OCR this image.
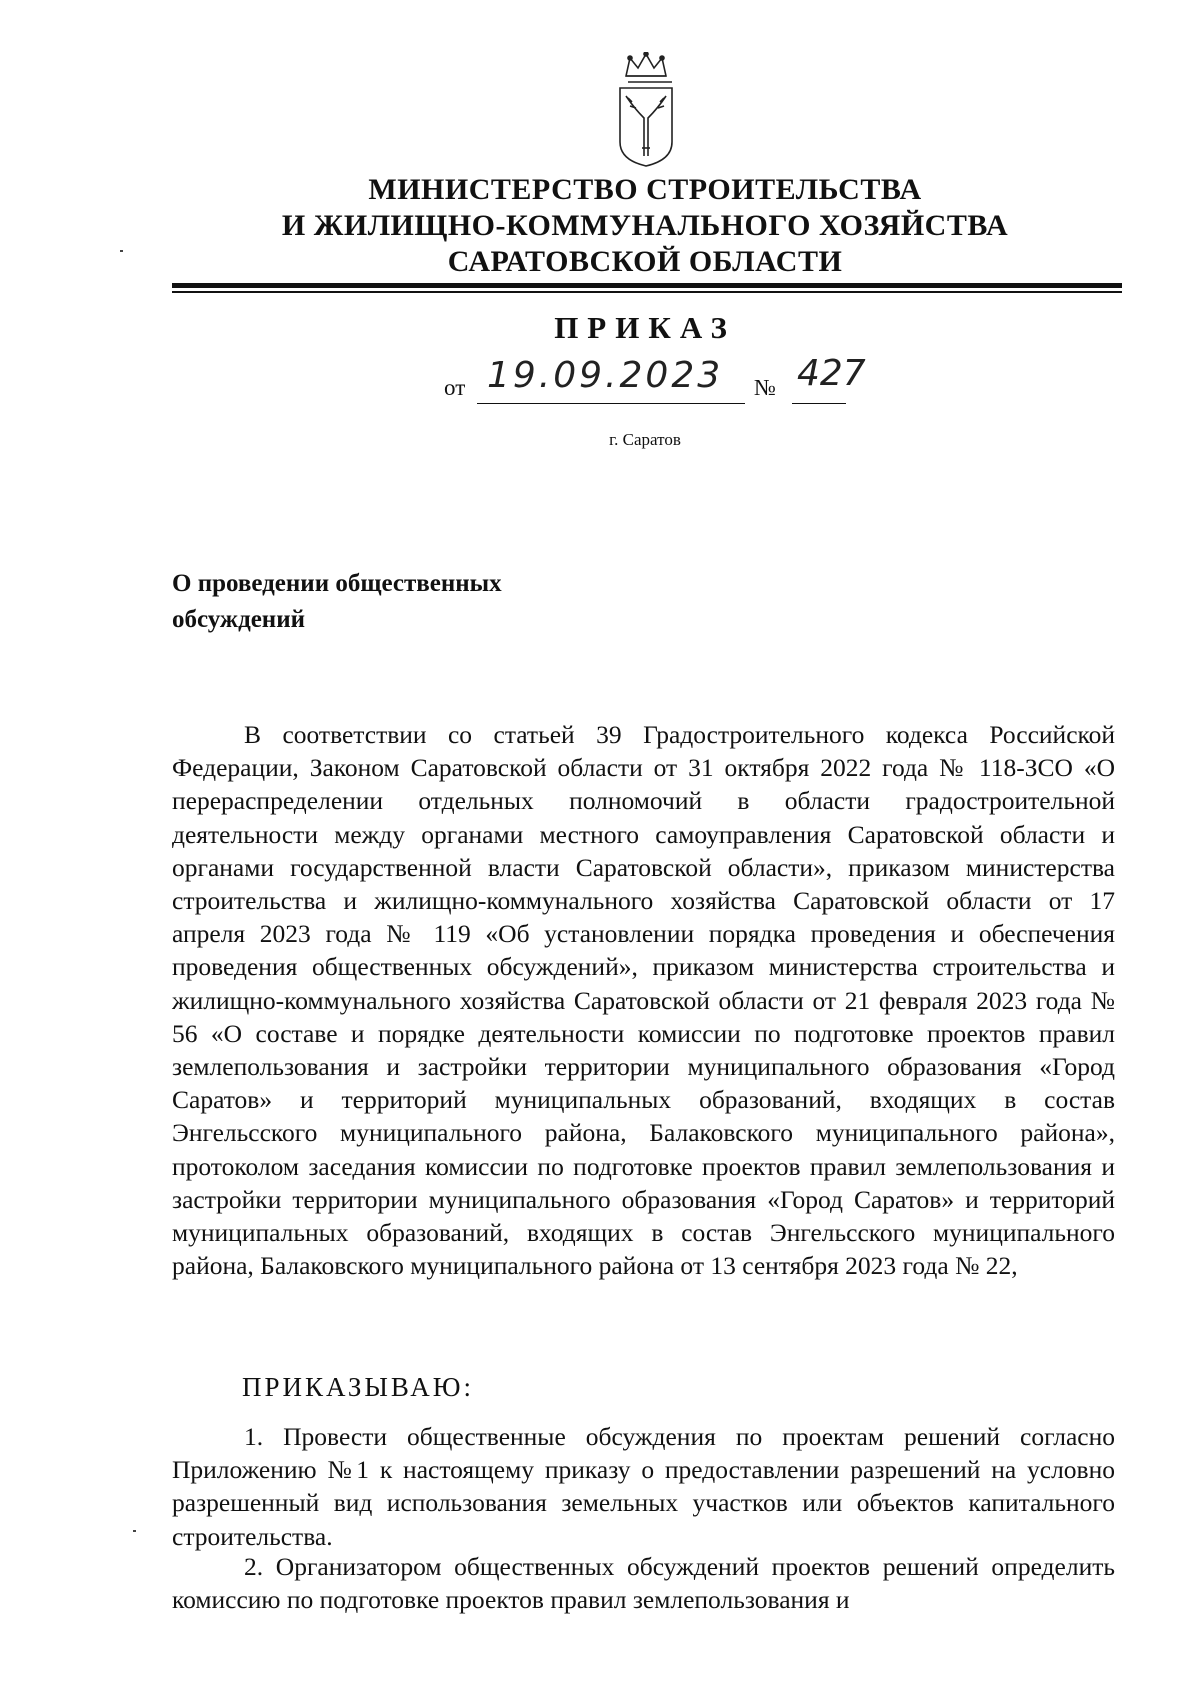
МИНИСТЕРСТВО СТРОИТЕЛЬСТВА
И ЖИЛИЩНО-КОММУНАЛЬНОГО ХОЗЯЙСТВА
САРАТОВСКОЙ ОБЛАСТИ
ПРИКАЗ
от 19.09.2023 № 427
г. Саратов
О проведении общественных обсуждений
В соответствии со статьей 39 Градостроительного кодекса Российской Федерации, Законом Саратовской области от 31 октября 2022 года № 118-ЗСО «О перераспределении отдельных полномочий в области градостроительной деятельности между органами местного самоуправления Саратовской области и органами государственной власти Саратовской области», приказом министерства строительства и жилищно-коммунального хозяйства Саратовской области от 17 апреля 2023 года № 119 «Об установлении порядка проведения и обеспечения проведения общественных обсуждений», приказом министерства строительства и жилищно-коммунального хозяйства Саратовской области от 21 февраля 2023 года № 56 «О составе и порядке деятельности комиссии по подготовке проектов правил землепользования и застройки территории муниципального образования «Город Саратов» и территорий муниципальных образований, входящих в состав Энгельсского муниципального района, Балаковского муниципального района», протоколом заседания комиссии по подготовке проектов правил землепользования и застройки территории муниципального образования «Город Саратов» и территорий муниципальных образований, входящих в состав Энгельсского муниципального района, Балаковского муниципального района от 13 сентября 2023 года № 22,
ПРИКАЗЫВАЮ:
1. Провести общественные обсуждения по проектам решений согласно Приложению №1 к настоящему приказу о предоставлении разрешений на условно разрешенный вид использования земельных участков или объектов капитального строительства.
2. Организатором общественных обсуждений проектов решений определить комиссию по подготовке проектов правил землепользования и
